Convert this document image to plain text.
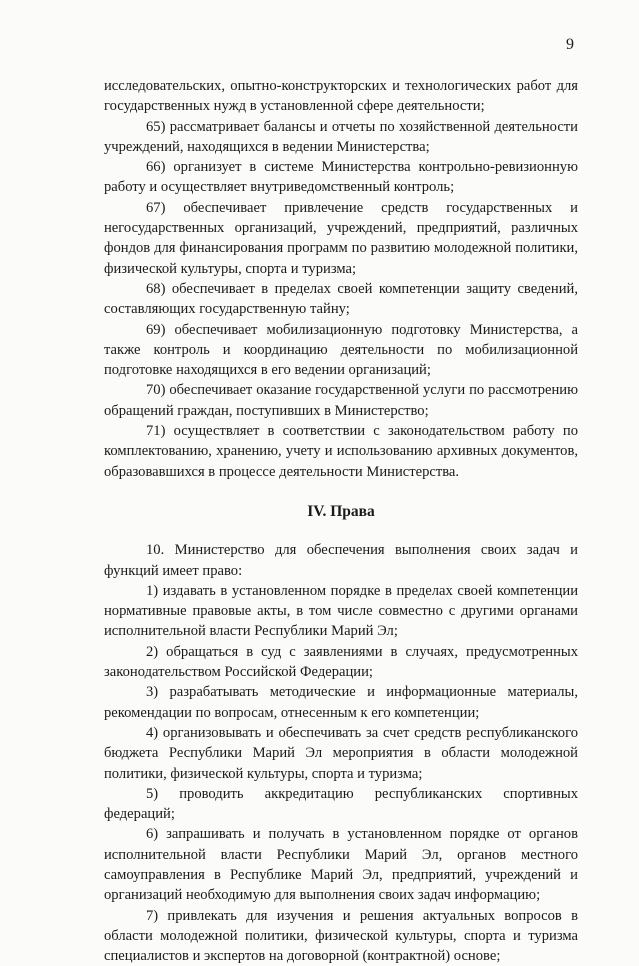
9

исследовательских, опытно-конструкторских и технологических работ для государственных нужд в установленной сфере деятельности;

65) рассматривает балансы и отчеты по хозяйственной деятельности учреждений, находящихся в ведении Министерства;

66) организует в системе Министерства контрольно-ревизионную работу и осуществляет внутриведомственный контроль;

67) обеспечивает привлечение средств государственных и негосударственных организаций, учреждений, предприятий, различных фондов для финансирования программ по развитию молодежной политики, физической культуры, спорта и туризма;

68) обеспечивает в пределах своей компетенции защиту сведений, составляющих государственную тайну;

69) обеспечивает мобилизационную подготовку Министерства, а также контроль и координацию деятельности по мобилизационной подготовке находящихся в его ведении организаций;

70) обеспечивает оказание государственной услуги по рассмотрению обращений граждан, поступивших в Министерство;

71) осуществляет в соответствии с законодательством работу по комплектованию, хранению, учету и использованию архивных документов, образовавшихся в процессе деятельности Министерства.

IV. Права

10. Министерство для обеспечения выполнения своих задач и функций имеет право:

1) издавать в установленном порядке в пределах своей компетенции нормативные правовые акты, в том числе совместно с другими органами исполнительной власти Республики Марий Эл;

2) обращаться в суд с заявлениями в случаях, предусмотренных законодательством Российской Федерации;

3) разрабатывать методические и информационные материалы, рекомендации по вопросам, отнесенным к его компетенции;

4) организовывать и обеспечивать за счет средств республиканского бюджета Республики Марий Эл мероприятия в области молодежной политики, физической культуры, спорта и туризма;

5) проводить аккредитацию республиканских спортивных федераций;

6) запрашивать и получать в установленном порядке от органов исполнительной власти Республики Марий Эл, органов местного самоуправления в Республике Марий Эл, предприятий, учреждений и организаций необходимую для выполнения своих задач информацию;

7) привлекать для изучения и решения актуальных вопросов в области молодежной политики, физической культуры, спорта и туризма специалистов и экспертов на договорной (контрактной) основе;
